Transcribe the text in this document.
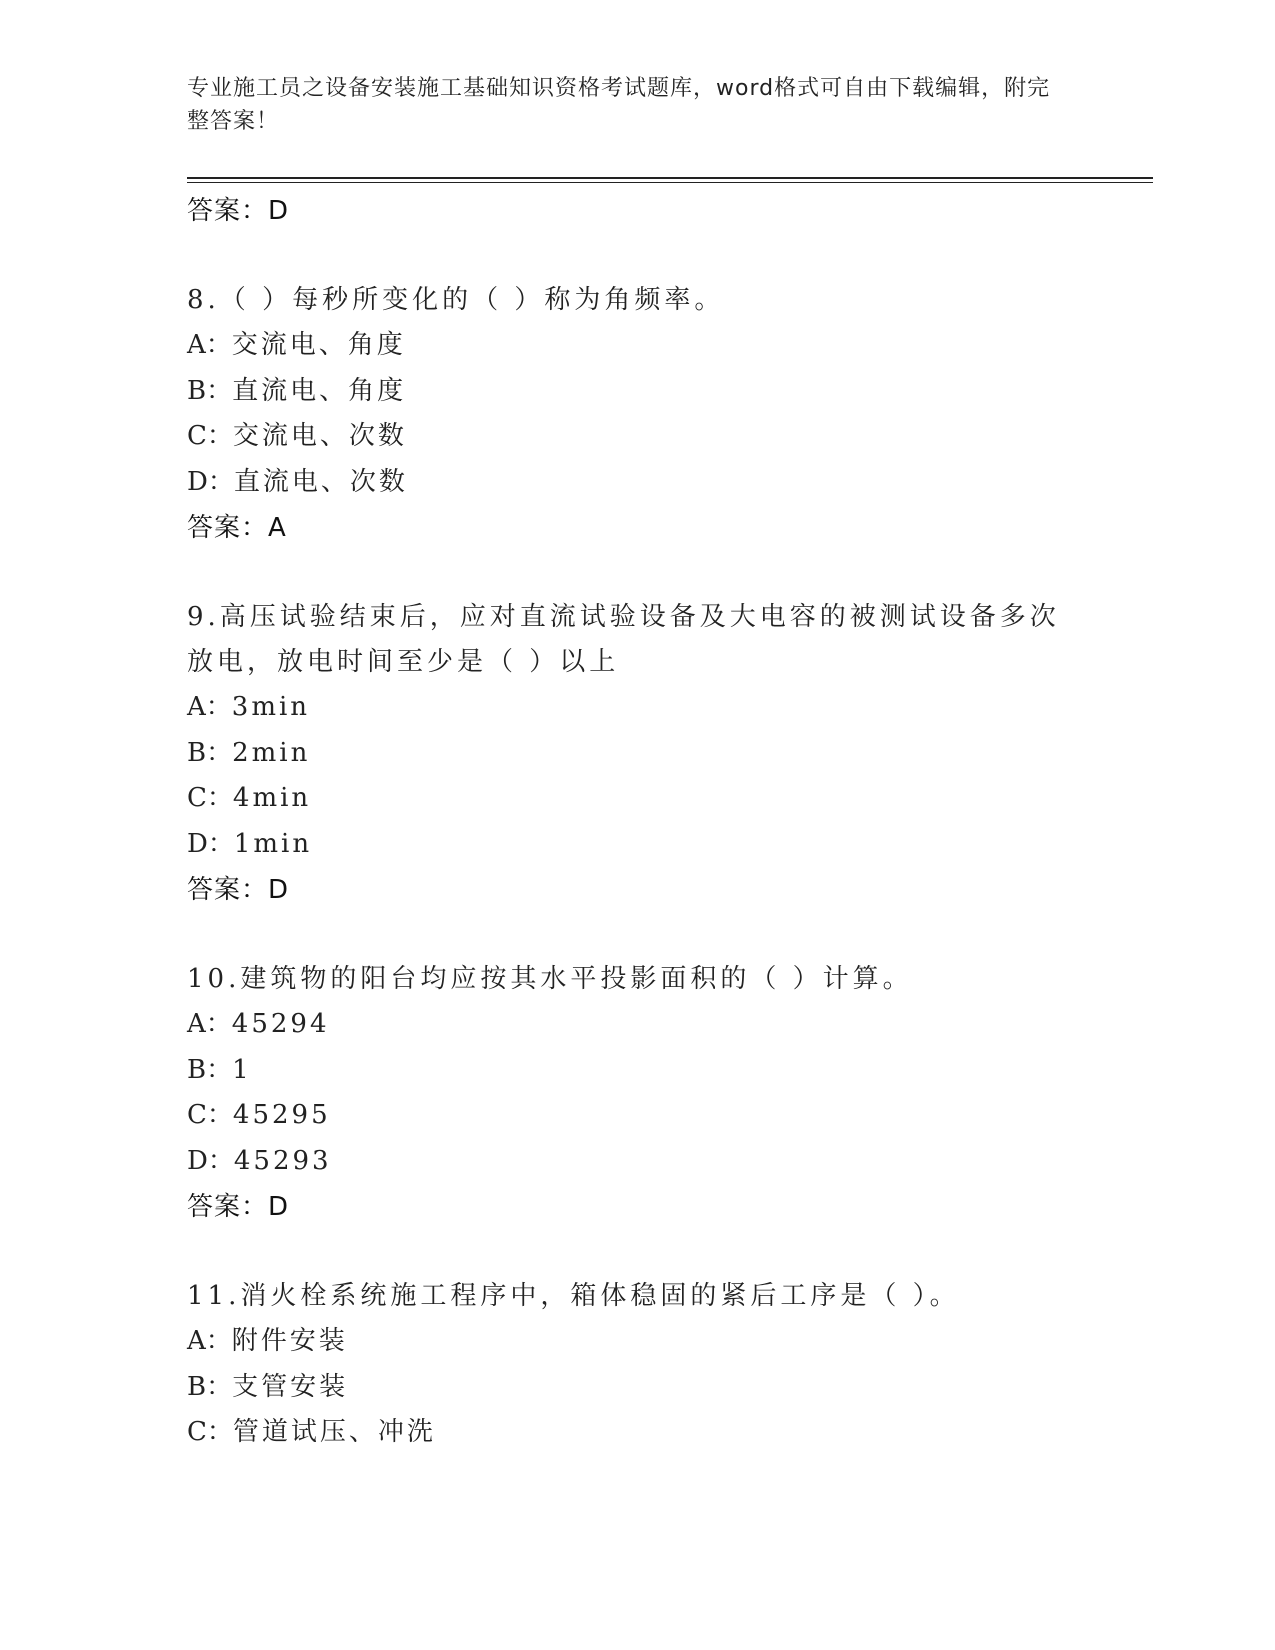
专业施工员之设备安装施工基础知识资格考试题库，word格式可自由下载编辑，附完整答案！
答案：D
8.（ ）每秒所变化的（ ）称为角频率。
A：交流电、角度
B：直流电、角度
C：交流电、次数
D：直流电、次数
答案：A
9.高压试验结束后，应对直流试验设备及大电容的被测试设备多次放电，放电时间至少是（ ）以上
A：3min
B：2min
C：4min
D：1min
答案：D
10.建筑物的阳台均应按其水平投影面积的（ ）计算。
A：45294
B：1
C：45295
D：45293
答案：D
11.消火栓系统施工程序中，箱体稳固的紧后工序是（ ）。
A：附件安装
B：支管安装
C：管道试压、冲洗
